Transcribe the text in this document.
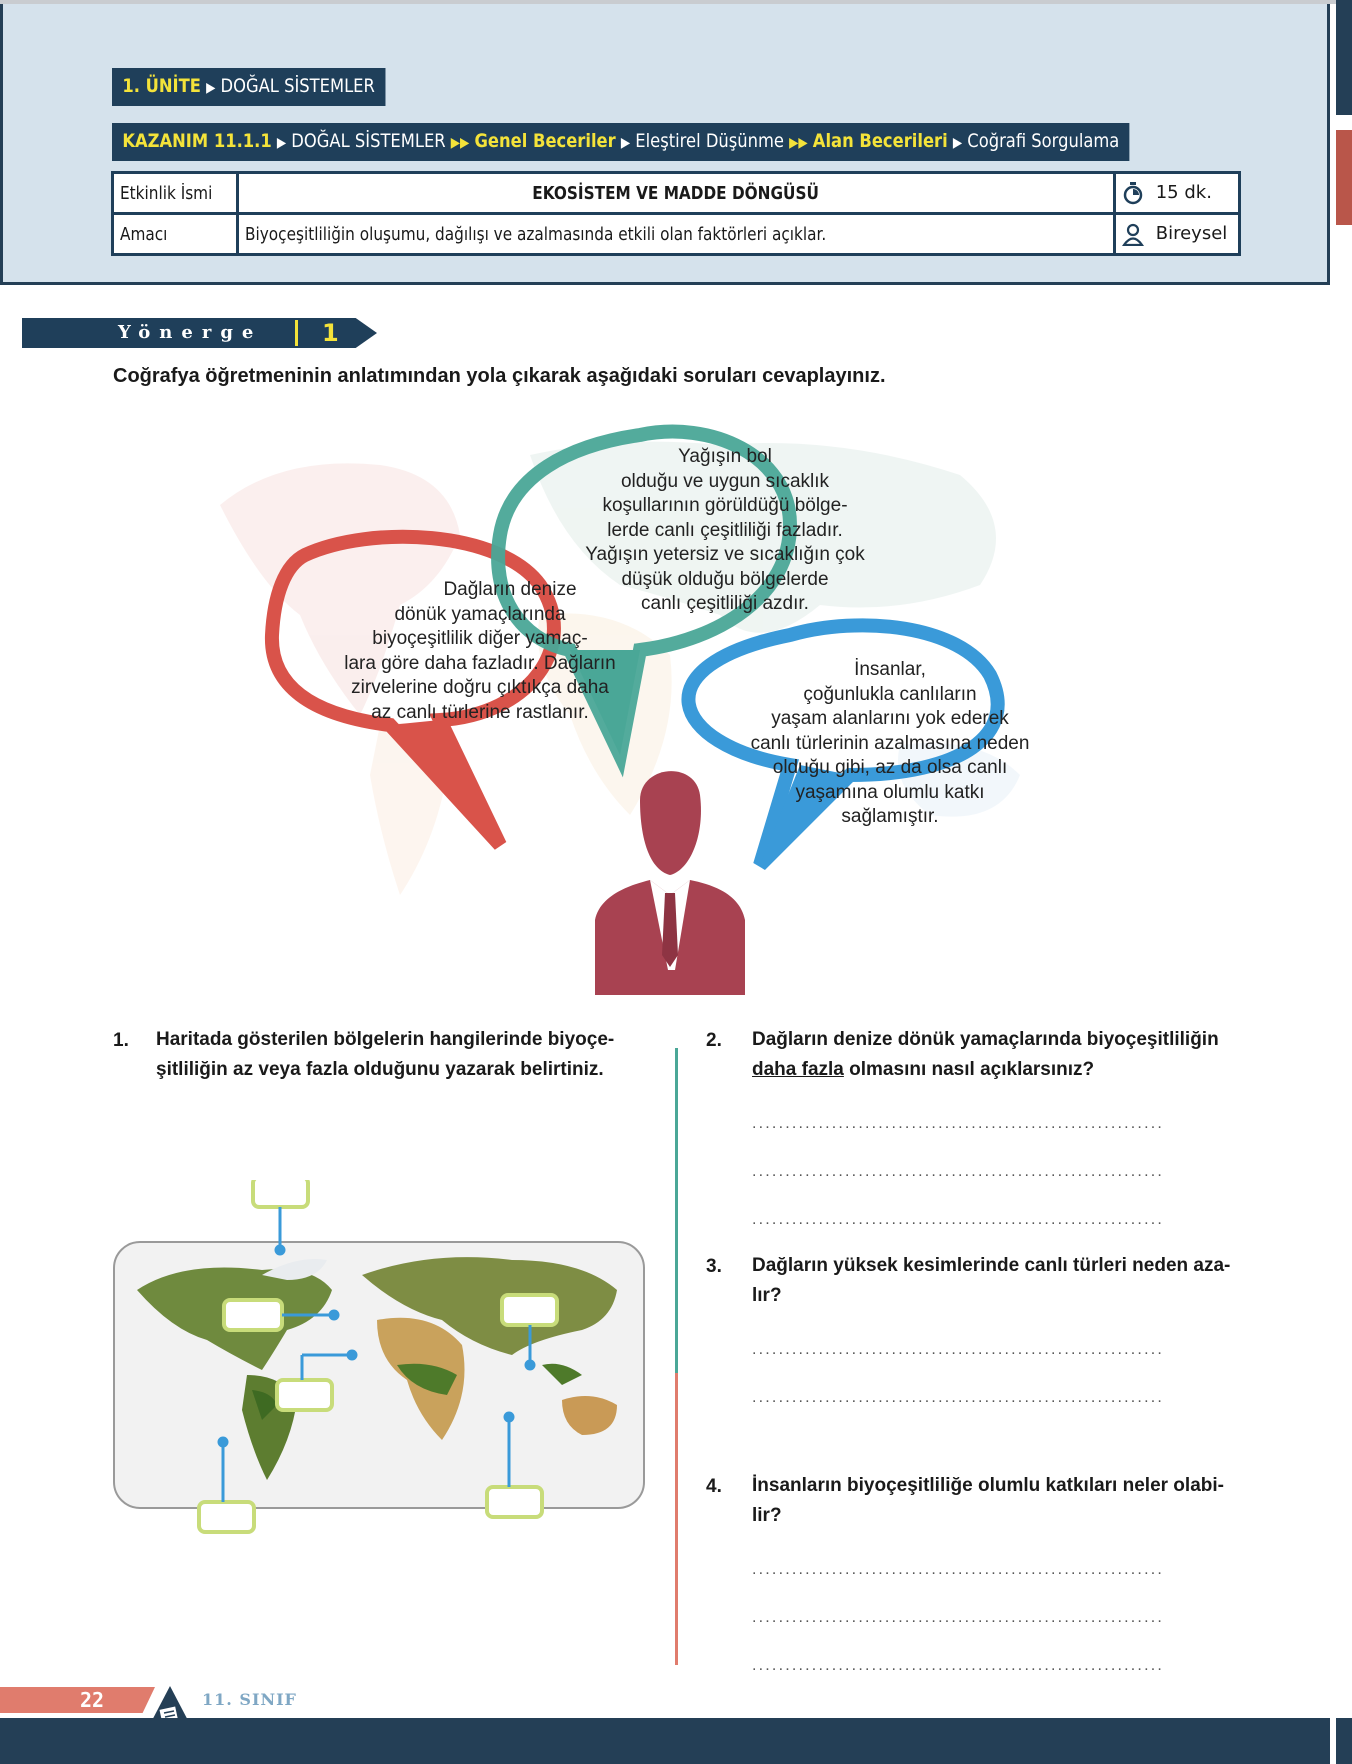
1. ÜNİTE ▶ DOĞAL SİSTEMLER
KAZANIM 11.1.1 ▶ DOĞAL SİSTEMLER ▶▶ Genel Beceriler ▶ Eleştirel Düşünme ▶▶ Alan Becerileri ▶ Coğrafi Sorgulama
Etkinlik İsmi	EKOSİSTEM VE MADDE DÖNGÜSÜ	15 dk.
Amacı	Biyoçeşitliliğin oluşumu, dağılışı ve azalmasında etkili olan faktörleri açıklar.	Bireysel
Yönerge 1
Coğrafya öğretmeninin anlatımından yola çıkarak aşağıdaki soruları cevaplayınız.
Dağların denize
dönük yamaçlarında
biyoçeşitlilik diğer yamaç-
lara göre daha fazladır. Dağların
zirvelerine doğru çıktıkça daha
az canlı türlerine rastlanır.
Yağışın bol
olduğu ve uygun sıcaklık
koşullarının görüldüğü bölge-
lerde canlı çeşitliliği fazladır.
Yağışın yetersiz ve sıcaklığın çok
düşük olduğu bölgelerde
canlı çeşitliliği azdır.
İnsanlar,
çoğunlukla canlıların
yaşam alanlarını yok ederek
canlı türlerinin azalmasına neden
olduğu gibi, az da olsa canlı
yaşamına olumlu katkı
sağlamıştır.
1. Haritada gösterilen bölgelerin hangilerinde biyoçe-
şitliliğin az veya fazla olduğunu yazarak belirtiniz.
2. Dağların denize dönük yamaçlarında biyoçeşitliliğin
daha fazla olmasını nasıl açıklarsınız?
..............................................................
..............................................................
..............................................................
3. Dağların yüksek kesimlerinde canlı türleri neden aza-
lır?
..............................................................
..............................................................
4. İnsanların biyoçeşitliliğe olumlu katkıları neler olabi-
lir?
..............................................................
..............................................................
..............................................................
22	11. SINIF
